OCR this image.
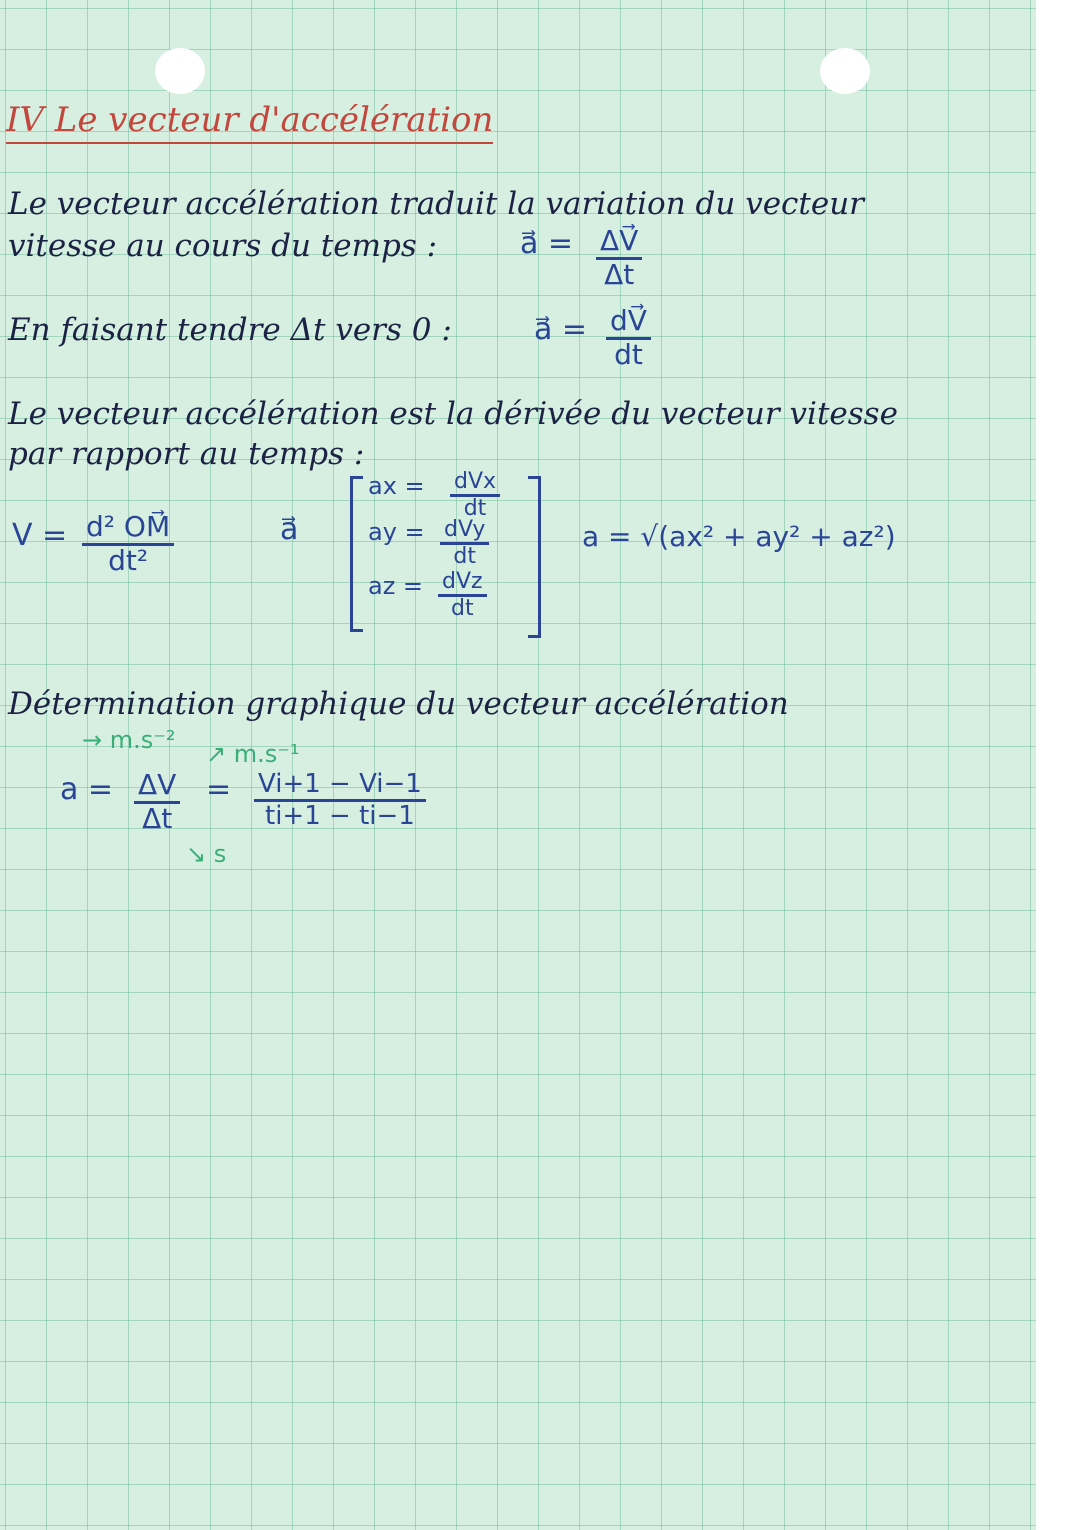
IV Le vecteur d'accélération
Le vecteur accélération traduit la variation du vecteur
vitesse au cours du temps :	a⃗ = $\frac{\Delta V⃗}{\Delta t}$
En faisant tendre Δt vers 0 :	a⃗ = $\frac{dV⃗}{dt}$
Le vecteur accélération est la dérivée du vecteur vitesse
par rapport au temps :
$V = \frac{\text{d² OM⃗}}{\text{dt²}}$	a⃗
ax = dVx
dt
ay = dVy
dt
az = dVz
dt
a = √(ax² + ay² + az²)
Détermination graphique du vecteur accélération
→ m.s⁻² ↗ m.s⁻¹
↘ s
$a = \frac{\Delta V}{\Delta t} = \frac{Vi+1 - Vi-1}{ti+1 - ti-1}$
